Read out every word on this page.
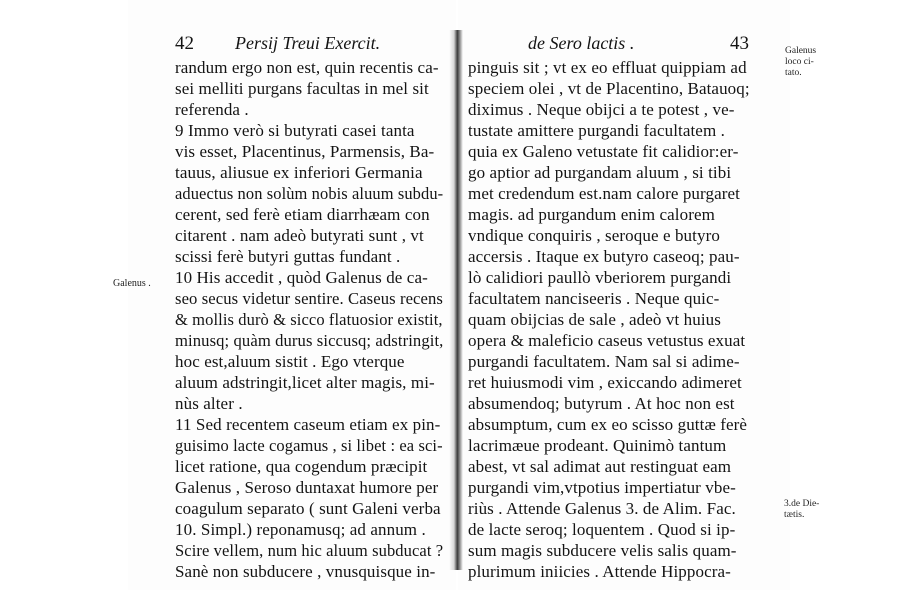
42 Persij Treui Exercit.	de Sero lactis .	43
Galenus .
Galenus
loco ci-
tato.
3.de Die-
tætis.
randum ergo non est, quin recentis ca-
sei melliti purgans facultas in mel sit
referenda .
9 Immo verò si butyrati casei tanta
vis esset, Placentinus, Parmensis, Ba-
tauus, aliusue ex inferiori Germania
aduectus non solùm nobis aluum subdu-
cerent, sed ferè etiam diarrhæam con
citarent . nam adeò butyrati sunt , vt
scissi ferè butyri guttas fundant .
10 His accedit , quòd Galenus de ca-
seo secus videtur sentire. Caseus recens
& mollis durò & sicco flatuosior existit,
minusq; quàm durus siccusq; adstringit,
hoc est,aluum sistit . Ego vterque
aluum adstringit,licet alter magis, mi-
nùs alter .
11 Sed recentem caseum etiam ex pin-
guisimo lacte cogamus , si libet : ea sci-
licet ratione, qua cogendum præcipit
Galenus , Seroso duntaxat humore per
coagulum separato ( sunt Galeni verba
10. Simpl.) reponamusq; ad annum .
Scire vellem, num hic aluum subducat ?
Sanè non subducere , vnusquisque in-
pinguis sit ; vt ex eo effluat quippiam ad
speciem olei , vt de Placentino, Batauoq;
diximus . Neque obijci a te potest , ve-
tustate amittere purgandi facultatem .
quia ex Galeno vetustate fit calidior:er-
go aptior ad purgandam aluum , si tibi
met credendum est.nam calore purgaret
magis. ad purgandum enim calorem
vndique conquiris , seroque e butyro
accersis . Itaque ex butyro caseoq; pau-
lò calidiori paullò vberiorem purgandi
facultatem nanciseeris . Neque quic-
quam obijcias de sale , adeò vt huius
opera & maleficio caseus vetustus exuat
purgandi facultatem. Nam sal si adime-
ret huiusmodi vim , exiccando adimeret
absumendoq; butyrum . At hoc non est
absumptum, cum ex eo scisso guttæ ferè
lacrimæue prodeant. Quinimò tantum
abest, vt sal adimat aut restinguat eam
purgandi vim,vtpotius impertiatur vbe-
riùs . Attende Galenus 3. de Alim. Fac.
de lacte seroq; loquentem . Quod si ip-
sum magis subducere velis salis quam-
plurimum iniicies . Attende Hippocra-
